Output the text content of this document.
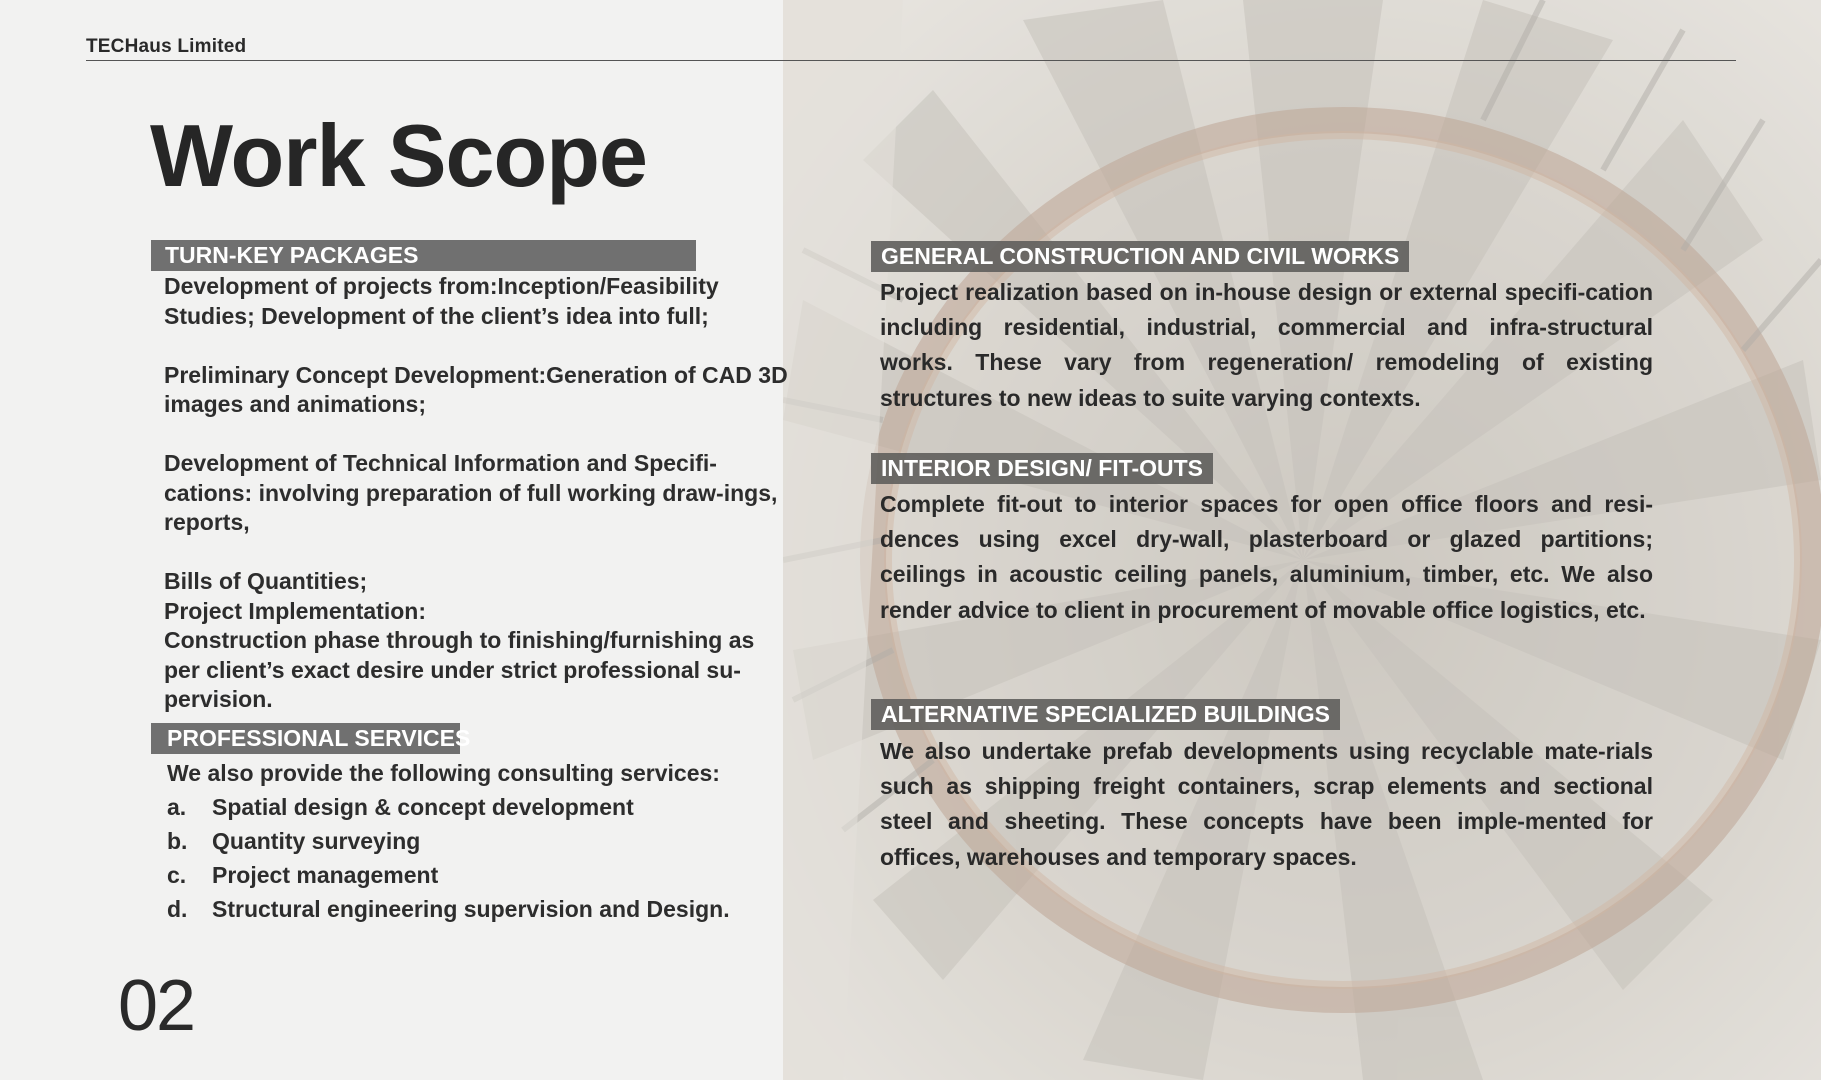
TECHaus Limited
Work Scope
TURN-KEY PACKAGES

Development of projects from:Inception/Feasibility Studies; Development of the client’s idea into full;

Preliminary Concept Development:Generation of CAD 3D images and animations;

Development of Technical Information and Specifi-cations: involving preparation of full working draw-ings, reports,

Bills of Quantities;

Project Implementation:

Construction phase through to finishing/furnishing as per client’s exact desire under strict professional su-pervision.

PROFESSIONAL SERVICES
We also provide the following consulting services:
a.	Spatial design & concept development
b.	Quantity surveying
c.	Project management
d.	Structural engineering supervision and Design.
GENERAL CONSTRUCTION AND CIVIL WORKS

Project realization based on in-house design or external specifi-cation including residential, industrial, commercial and infra-structural works. These vary from regeneration/ remodeling of existing structures to new ideas to suite varying contexts.

INTERIOR DESIGN/ FIT-OUTS

Complete fit-out to interior spaces for open office floors and resi-dences using excel dry-wall, plasterboard or glazed partitions; ceilings in acoustic ceiling panels, aluminium, timber, etc. We also render advice to client in procurement of movable office logistics, etc.

ALTERNATIVE SPECIALIZED BUILDINGS

We also undertake prefab developments using recyclable mate-rials such as shipping freight containers, scrap elements and sectional steel and sheeting. These concepts have been imple-mented for offices, warehouses and temporary spaces.

02
